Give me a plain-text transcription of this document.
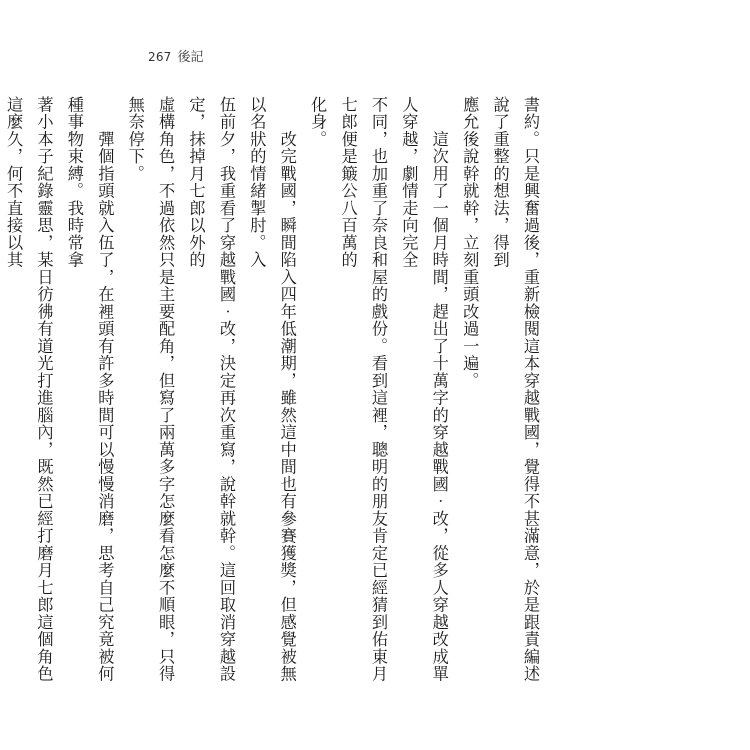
267 後記

書約。只是興奮過後，重新檢閱這本穿越戰國，覺得不甚滿意，於是跟責編述說了重整的想法，得到

應允後說幹就幹，立刻重頭改過一遍。

　　這次用了一個月時間，趕出了十萬字的穿越戰國‧改，從多人穿越改成單人穿越，劇情走向完全

不同，也加重了奈良和屋的戲份。看到這裡，聰明的朋友肯定已經猜到佑東月七郎便是簸公八百萬的

化身。

　　改完戰國，瞬間陷入四年低潮期，雖然這中間也有參賽獲獎，但感覺被無以名狀的情緒掣肘。入

伍前夕，我重看了穿越戰國‧改，決定再次重寫，說幹就幹。這回取消穿越設定，抹掉月七郎以外的

虛構角色，不過依然只是主要配角，但寫了兩萬多字怎麼看怎麼不順眼，只得無奈停下。

　　彈個指頭就入伍了，在裡頭有許多時間可以慢慢消磨，思考自己究竟被何種事物束縛。我時常拿

著小本子紀錄靈思，某日彷彿有道光打進腦內，既然已經打磨月七郎這個角色這麼久，何不直接以其
